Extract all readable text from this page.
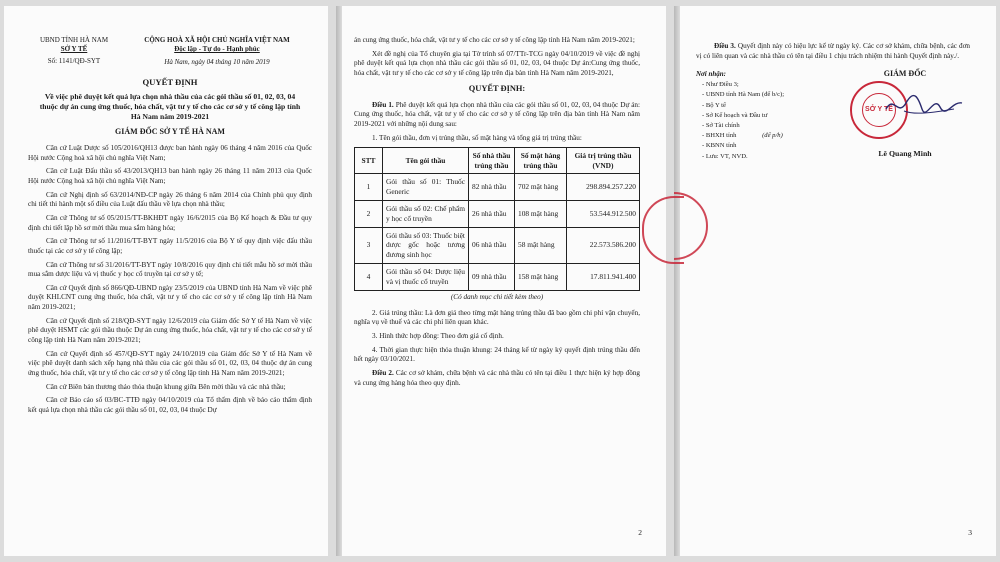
UBND TỈNH HÀ NAM
SỞ Y TẾ
Số: 1141/QĐ-SYT
CỘNG HOÀ XÃ HỘI CHỦ NGHĨA VIỆT NAM
Độc lập - Tự do - Hạnh phúc
Hà Nam, ngày 04 tháng 10 năm 2019
QUYẾT ĐỊNH
Về việc phê duyệt kết quả lựa chọn nhà thầu của các gói thầu số 01, 02, 03, 04 thuộc dự án cung ứng thuốc, hóa chất, vật tư y tế cho các cơ sở y tế công lập tỉnh Hà Nam năm 2019-2021
GIÁM ĐỐC SỞ Y TẾ HÀ NAM

Căn cứ Luật Dược số 105/2016/QH13 được ban hành ngày 06 tháng 4 năm 2016 của Quốc Hội nước Cộng hoà xã hội chủ nghĩa Việt Nam;

Căn cứ Luật Đấu thầu số 43/2013/QH13 ban hành ngày 26 tháng 11 năm 2013 của Quốc Hội nước Cộng hoà xã hội chủ nghĩa Việt Nam;

Căn cứ Nghị định số 63/2014/NĐ-CP ngày 26 tháng 6 năm 2014 của Chính phủ quy định chi tiết thi hành một số điều của Luật đấu thầu về lựa chọn nhà thầu;

Căn cứ Thông tư số 05/2015/TT-BKHĐT ngày 16/6/2015 của Bộ Kế hoạch & Đầu tư quy định chi tiết lập hồ sơ mời thầu mua sắm hàng hóa;

Căn cứ Thông tư số 11/2016/TT-BYT ngày 11/5/2016 của Bộ Y tế quy định việc đấu thầu thuốc tại các cơ sở y tế công lập;

Căn cứ Thông tư số 31/2016/TT-BYT ngày 10/8/2016 quy định chi tiết mẫu hồ sơ mời thầu mua sắm dược liệu và vị thuốc y học cổ truyền tại cơ sở y tế;

Căn cứ Quyết định số 866/QĐ-UBND ngày 23/5/2019 của UBND tỉnh Hà Nam về việc phê duyệt KHLCNT cung ứng thuốc, hóa chất, vật tư y tế cho các cơ sở y tế công lập tỉnh Hà Nam năm 2019-2021;

Căn cứ Quyết định số 218/QĐ-SYT ngày 12/6/2019 của Giám đốc Sở Y tế Hà Nam về việc phê duyệt HSMT các gói thầu thuộc Dự án cung ứng thuốc, hóa chất, vật tư y tế cho các cơ sở y tế công lập tỉnh Hà Nam năm 2019-2021;

Căn cứ Quyết định số 457/QĐ-SYT ngày 24/10/2019 của Giám đốc Sở Y tế Hà Nam về việc phê duyệt danh sách xếp hạng nhà thầu của các gói thầu số 01, 02, 03, 04 thuộc dự án cung ứng thuốc, hóa chất, vật tư y tế cho các cơ sở y tế công lập tỉnh Hà Nam năm 2019-2021;

Căn cứ Biên bản thương thảo thỏa thuận khung giữa Bên mời thầu và các nhà thầu;

Căn cứ Báo cáo số 03/BC-TTĐ ngày 04/10/2019 của Tổ thẩm định về báo cáo thẩm định kết quả lựa chọn nhà thầu các gói thầu số 01, 02, 03, 04 thuộc Dự

án cung ứng thuốc, hóa chất, vật tư y tế cho các cơ sở y tế công lập tỉnh Hà Nam năm 2019-2021;

Xét đề nghị của Tổ chuyên gia tại Tờ trình số 07/TTr-TCG ngày 04/10/2019 về việc đề nghị phê duyệt kết quả lựa chọn nhà thầu các gói thầu số 01, 02, 03, 04 thuộc Dự án:Cung ứng thuốc, hóa chất, vật tư y tế cho các cơ sở y tế công lập trên địa bàn tỉnh Hà Nam năm 2019-2021,

QUYẾT ĐỊNH:

Điều 1. Phê duyệt kết quả lựa chọn nhà thầu của các gói thầu số 01, 02, 03, 04 thuộc Dự án: Cung ứng thuốc, hóa chất, vật tư y tế cho các cơ sở y tế công lập trên địa bàn tỉnh Hà Nam năm 2019-2021 với những nội dung sau:

1. Tên gói thầu, đơn vị trúng thầu, số mặt hàng và tổng giá trị trúng thầu:

STT	Tên gói thầu	Số nhà thầu trúng thầu	Số mặt hàng trúng thầu	Giá trị trúng thầu (VND)
1	Gói thầu số 01: Thuốc Generic	82 nhà thầu	702 mặt hàng	298.894.257.220
2	Gói thầu số 02: Chế phẩm y học cổ truyền	26 nhà thầu	108 mặt hàng	53.544.912.500
3	Gói thầu số 03: Thuốc biệt dược gốc hoặc tương đương sinh học	06 nhà thầu	58 mặt hàng	22.573.586.200
4	Gói thầu số 04: Dược liệu và vị thuốc cổ truyền	09 nhà thầu	158 mặt hàng	17.811.941.400
(Có danh mục chi tiết kèm theo)

2. Giá trúng thầu: Là đơn giá theo từng mặt hàng trúng thầu đã bao gồm chi phí vận chuyển, nghĩa vụ về thuế và các chi phí liên quan khác.

3. Hình thức hợp đồng: Theo đơn giá cố định.

4. Thời gian thực hiện thỏa thuận khung: 24 tháng kể từ ngày ký quyết định trúng thầu đến hết ngày 03/10/2021.

Điều 2. Các cơ sở khám, chữa bệnh và các nhà thầu có tên tại điều 1 thực hiện ký hợp đồng và cung ứng hàng hóa theo quy định.

2

Điều 3. Quyết định này có hiệu lực kể từ ngày ký. Các cơ sở khám, chữa bệnh, các đơn vị có liên quan và các nhà thầu có tên tại điều 1 chịu trách nhiệm thi hành Quyết định này./.

Nơi nhận:
- Như Điều 3;
- UBND tỉnh Hà Nam (để b/c);
- Bộ Y tế
- Sở Kế hoạch và Đầu tư
- Sở Tài chính
- BHXH tỉnh	(để p/h)
- KBNN tỉnh
- Lưu: VT, NVD.
GIÁM ĐỐC
SỞ Y TẾ
Lê Quang Minh
3
